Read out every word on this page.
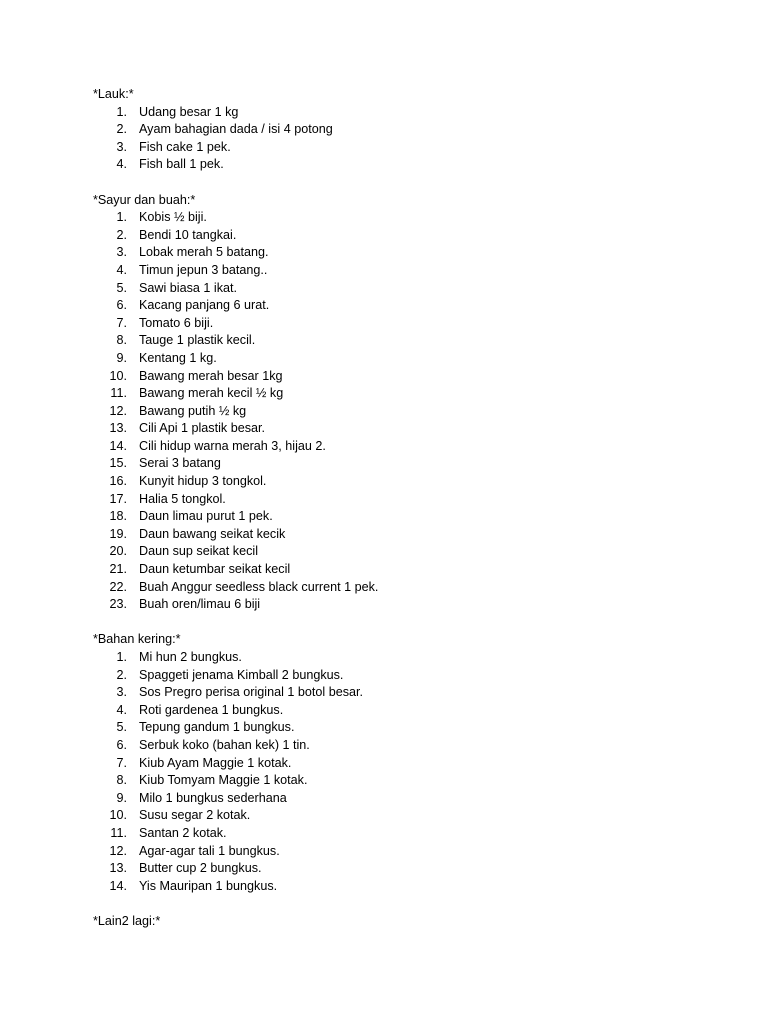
*Lauk:*
1. Udang besar 1 kg
2. Ayam bahagian dada / isi 4 potong
3. Fish cake 1 pek.
4. Fish ball 1 pek.
*Sayur dan buah:*
1. Kobis ½ biji.
2. Bendi 10 tangkai.
3. Lobak merah 5 batang.
4. Timun jepun 3 batang..
5. Sawi biasa 1 ikat.
6. Kacang panjang 6 urat.
7. Tomato 6 biji.
8. Tauge 1 plastik kecil.
9. Kentang 1 kg.
10. Bawang merah besar 1kg
11. Bawang merah kecil ½ kg
12. Bawang putih ½ kg
13. Cili Api 1 plastik besar.
14. Cili hidup warna merah 3, hijau 2.
15. Serai 3 batang
16. Kunyit hidup 3 tongkol.
17. Halia 5 tongkol.
18. Daun limau purut 1 pek.
19. Daun bawang seikat kecik
20. Daun sup seikat kecil
21. Daun ketumbar seikat kecil
22. Buah Anggur seedless black current 1 pek.
23. Buah oren/limau 6 biji
*Bahan kering:*
1. Mi hun 2 bungkus.
2. Spaggeti jenama Kimball 2 bungkus.
3. Sos Pregro perisa original 1 botol besar.
4. Roti gardenea 1 bungkus.
5. Tepung gandum 1 bungkus.
6. Serbuk koko (bahan kek) 1 tin.
7. Kiub Ayam Maggie 1 kotak.
8. Kiub Tomyam Maggie 1 kotak.
9. Milo 1 bungkus sederhana
10. Susu segar 2 kotak.
11. Santan 2 kotak.
12. Agar-agar tali 1 bungkus.
13. Butter cup 2 bungkus.
14. Yis Mauripan 1 bungkus.
*Lain2 lagi:*
